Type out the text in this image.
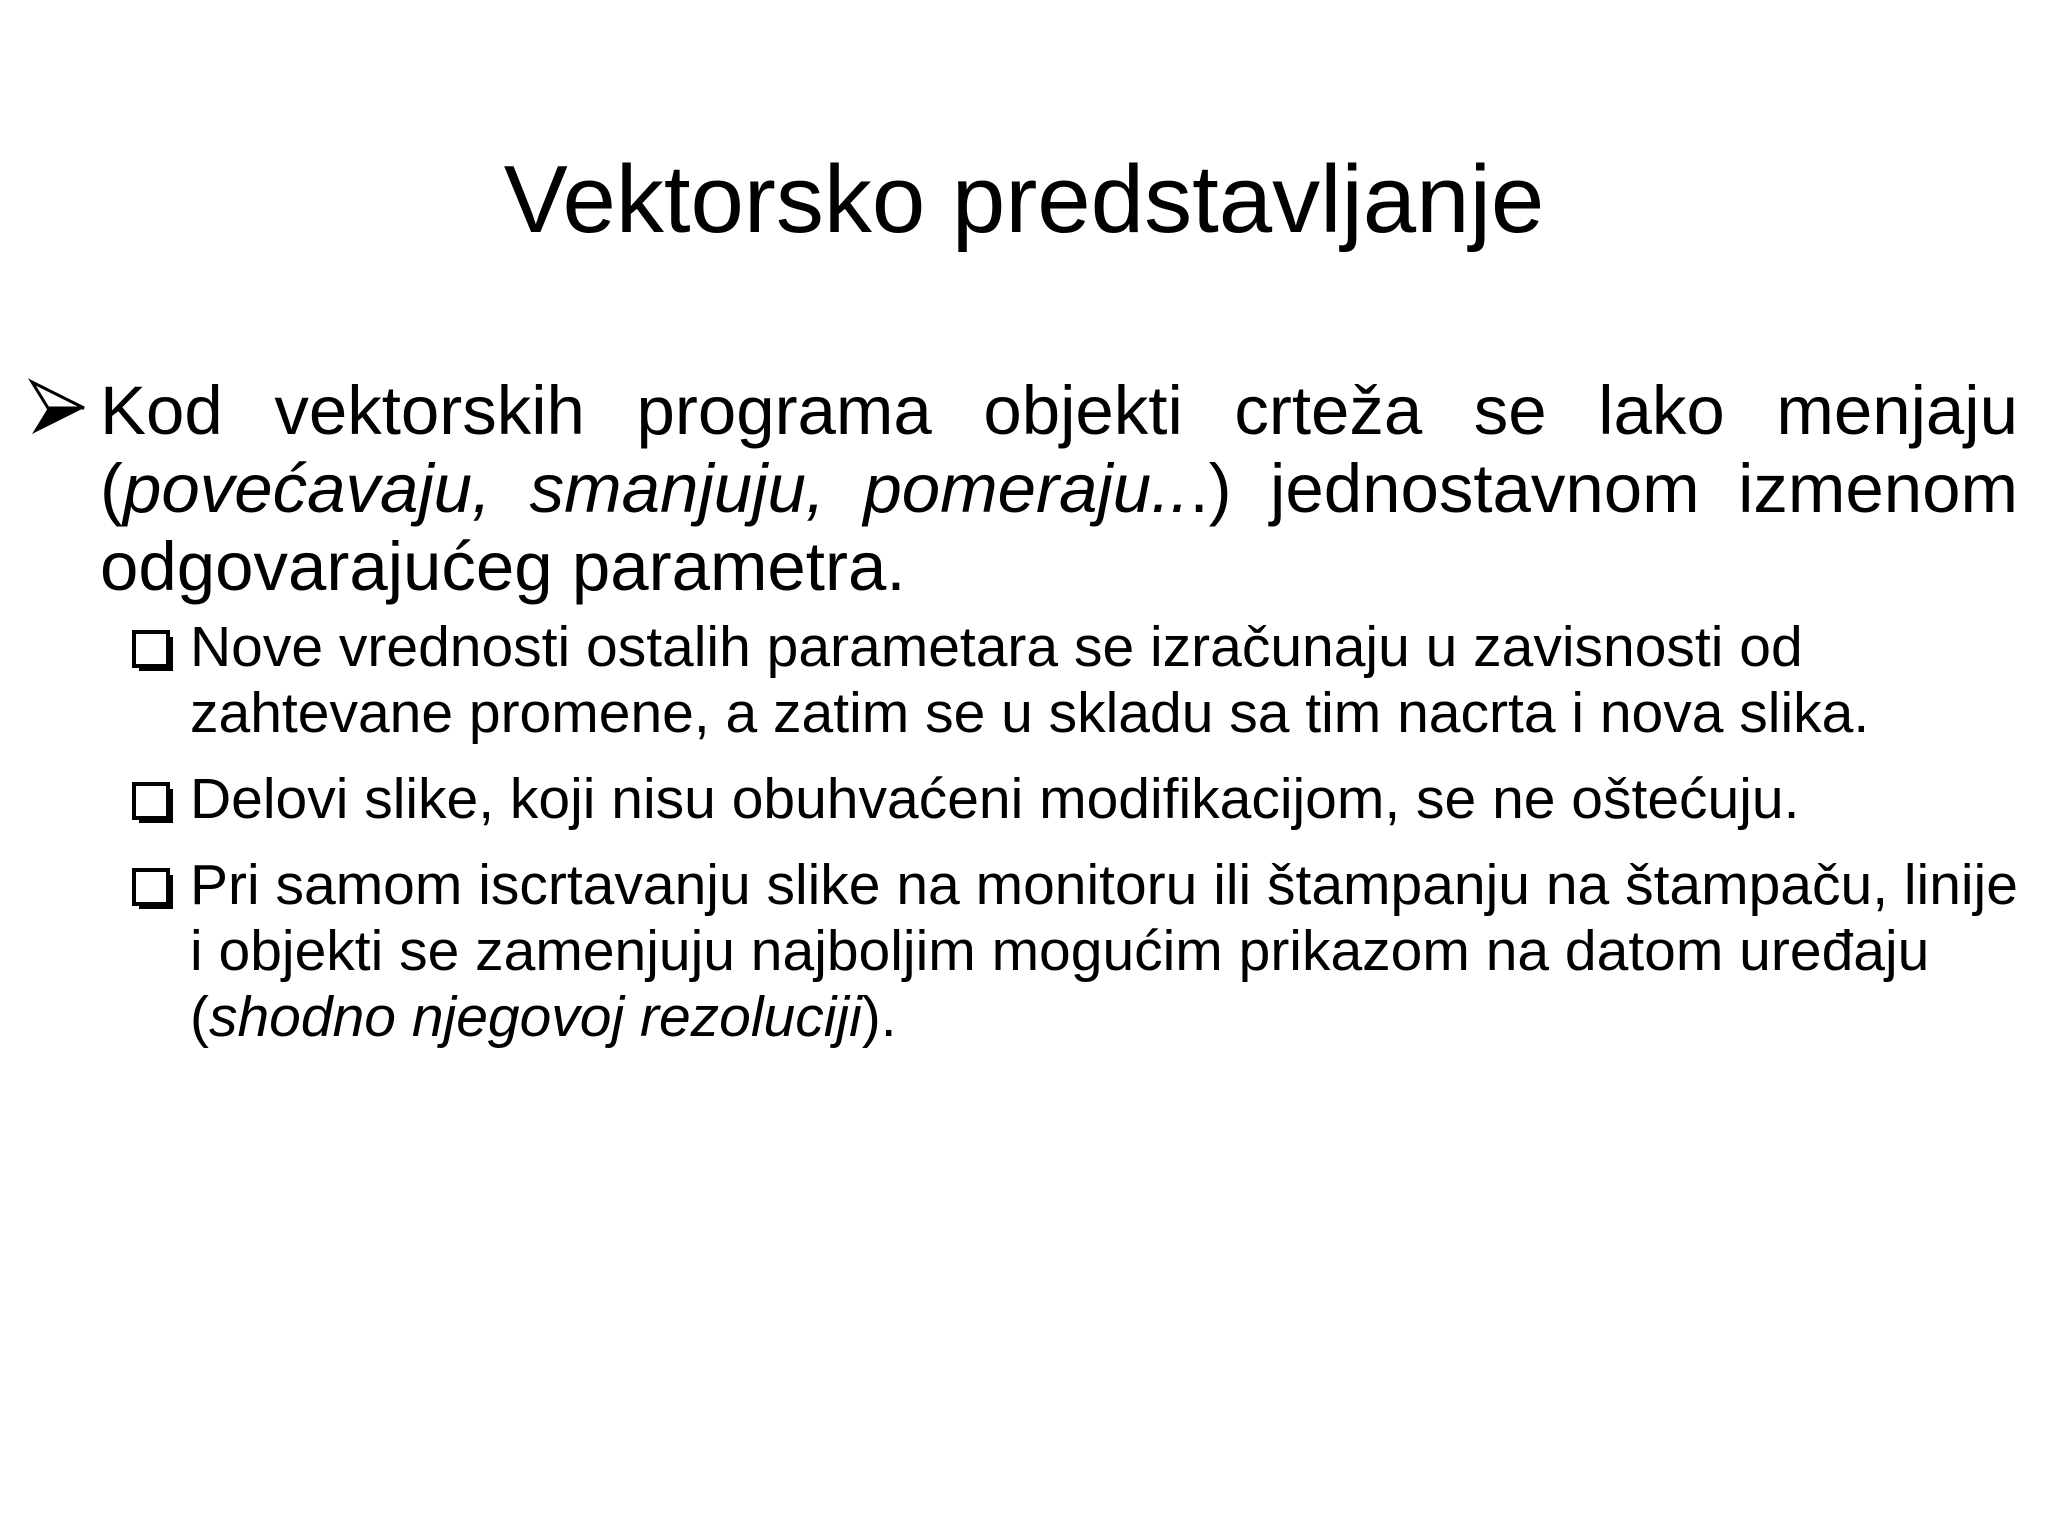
Vektorsko predstavljanje
Kod vektorskih programa objekti crteža se lako menjaju (povećavaju, smanjuju, pomeraju...) jednostavnom izmenom odgovarajućeg parametra.
Nove vrednosti ostalih parametara se izračunaju u zavisnosti od zahtevane promene, a zatim se u skladu sa tim nacrta i nova slika.
Delovi slike, koji nisu obuhvaćeni modifikacijom, se ne oštećuju.
Pri samom iscrtavanju slike na monitoru ili štampanju na štampaču, linije i objekti se zamenjuju najboljim mogućim prikazom na datom uređaju (shodno njegovoj rezoluciji).
